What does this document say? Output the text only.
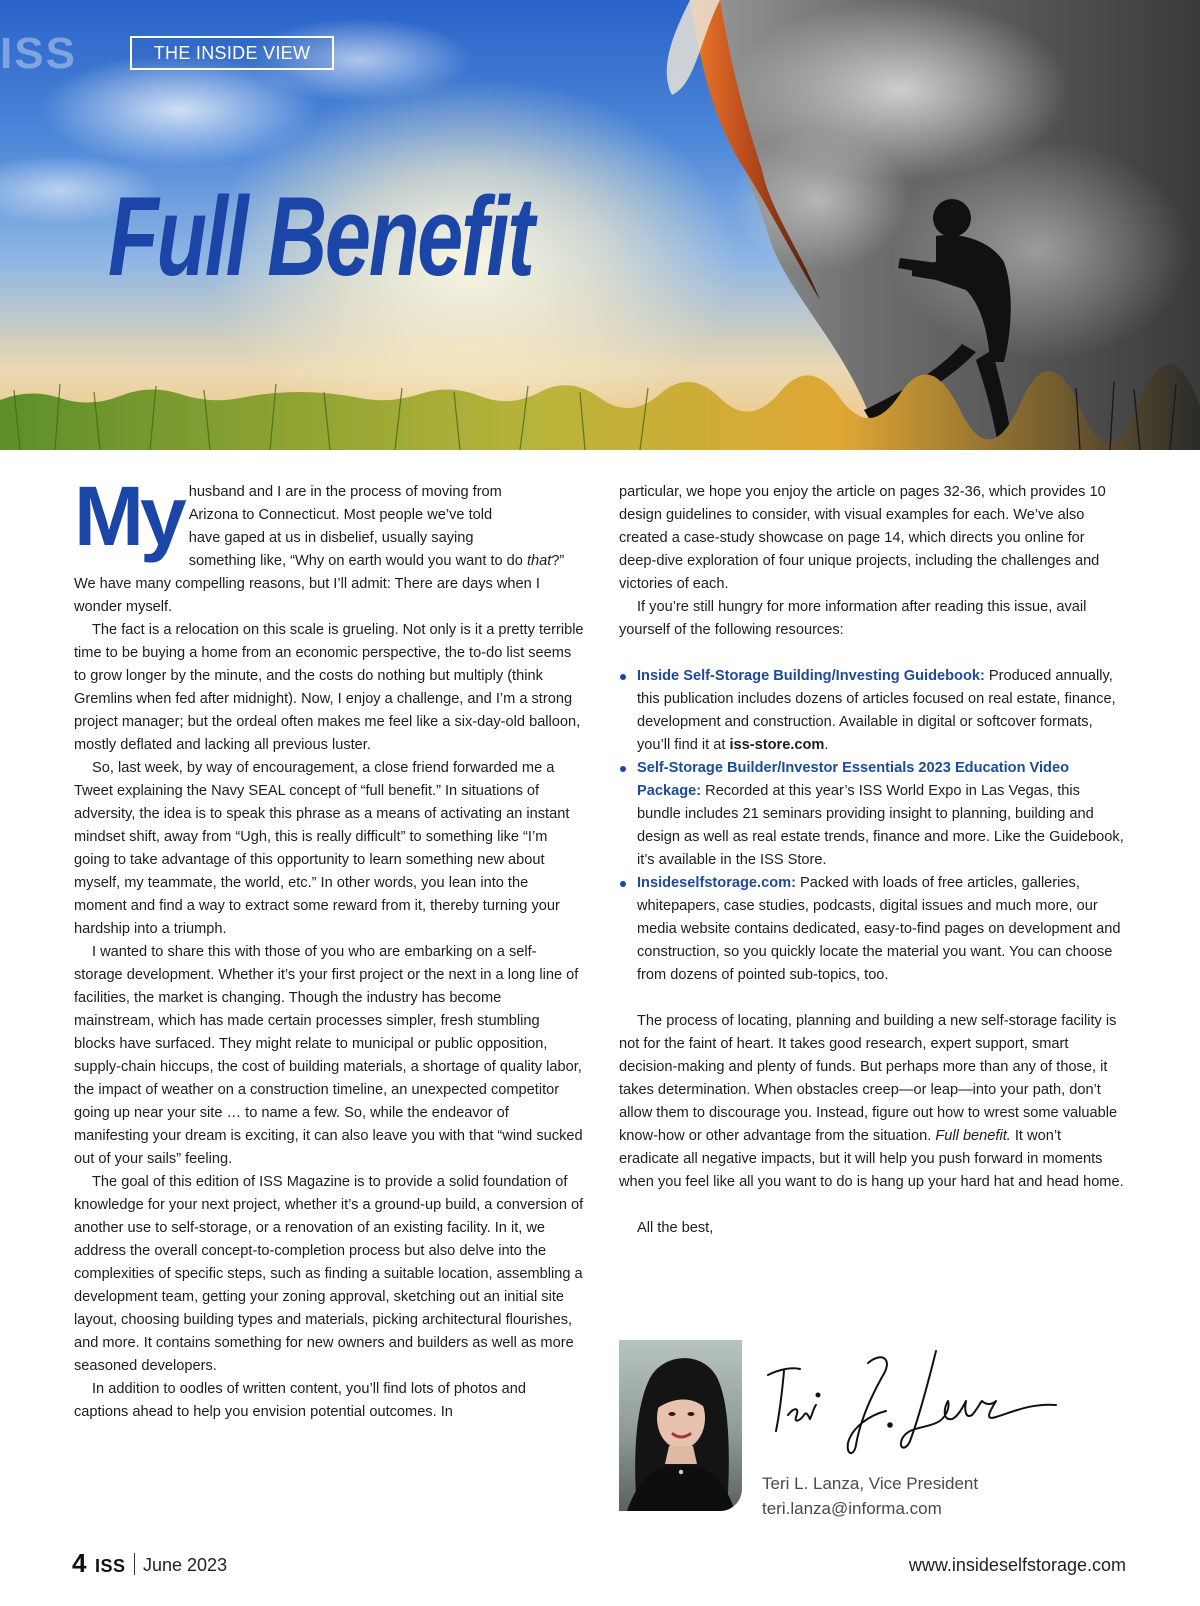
ISS	THE INSIDE VIEW
Full Benefit

My husband and I are in the process of moving from
Arizona to Connecticut. Most people we’ve told
have gaped at us in disbelief, usually saying
something like, “Why on earth would you want to do that?” We have many compelling reasons, but I’ll admit: There are days when I wonder myself.

The fact is a relocation on this scale is grueling. Not only is it a pretty terrible time to be buying a home from an economic perspective, the to-do list seems to grow longer by the minute, and the costs do nothing but multiply (think Gremlins when fed after midnight). Now, I enjoy a challenge, and I’m a strong project manager; but the ordeal often makes me feel like a six-day-old balloon, mostly deflated and lacking all previous luster.

So, last week, by way of encouragement, a close friend forwarded me a Tweet explaining the Navy SEAL concept of “full benefit.” In situations of adversity, the idea is to speak this phrase as a means of activating an instant mindset shift, away from “Ugh, this is really difficult” to something like “I’m going to take advantage of this opportunity to learn something new about myself, my teammate, the world, etc.” In other words, you lean into the moment and find a way to extract some reward from it, thereby turning your hardship into a triumph.

I wanted to share this with those of you who are embarking on a self-storage development. Whether it’s your first project or the next in a long line of facilities, the market is changing. Though the industry has become mainstream, which has made certain processes simpler, fresh stumbling blocks have surfaced. They might relate to municipal or public opposition, supply-chain hiccups, the cost of building materials, a shortage of quality labor, the impact of weather on a construction timeline, an unexpected competitor going up near your site … to name a few. So, while the endeavor of manifesting your dream is exciting, it can also leave you with that “wind sucked out of your sails” feeling.

The goal of this edition of ISS Magazine is to provide a solid foundation of knowledge for your next project, whether it’s a ground-up build, a conversion of another use to self-storage, or a renovation of an existing facility. In it, we address the overall concept-to-completion process but also delve into the complexities of specific steps, such as finding a suitable location, assembling a development team, getting your zoning approval, sketching out an initial site layout, choosing building types and materials, picking architectural flourishes, and more. It contains something for new owners and builders as well as more seasoned developers.

In addition to oodles of written content, you’ll find lots of photos and captions ahead to help you envision potential outcomes. In

particular, we hope you enjoy the article on pages 32-36, which provides 10 design guidelines to consider, with visual examples for each. We’ve also created a case-study showcase on page 14, which directs you online for deep-dive exploration of four unique projects, including the challenges and victories of each.

If you’re still hungry for more information after reading this issue, avail yourself of the following resources:

Inside Self-Storage Building/Investing Guidebook: Produced annually, this publication includes dozens of articles focused on real estate, finance, development and construction. Available in digital or softcover formats, you’ll find it at iss-store.com.
Self-Storage Builder/Investor Essentials 2023 Education Video Package: Recorded at this year’s ISS World Expo in Las Vegas, this bundle includes 21 seminars providing insight to planning, building and design as well as real estate trends, finance and more. Like the Guidebook, it’s available in the ISS Store.
Insideselfstorage.com: Packed with loads of free articles, galleries, whitepapers, case studies, podcasts, digital issues and much more, our media website contains dedicated, easy-to-find pages on development and construction, so you quickly locate the material you want. You can choose from dozens of pointed sub-topics, too.

The process of locating, planning and building a new self-storage facility is not for the faint of heart. It takes good research, expert support, smart decision-making and plenty of funds. But perhaps more than any of those, it takes determination. When obstacles creep—or leap—into your path, don’t allow them to discourage you. Instead, figure out how to wrest some valuable know-how or other advantage from the situation. Full benefit. It won’t eradicate all negative impacts, but it will help you push forward in moments when you feel like all you want to do is hang up your hard hat and head home.

All the best,

Teri L. Lanza, Vice President
teri.lanza@informa.com
4 ISS June 2023	www.insideselfstorage.com
